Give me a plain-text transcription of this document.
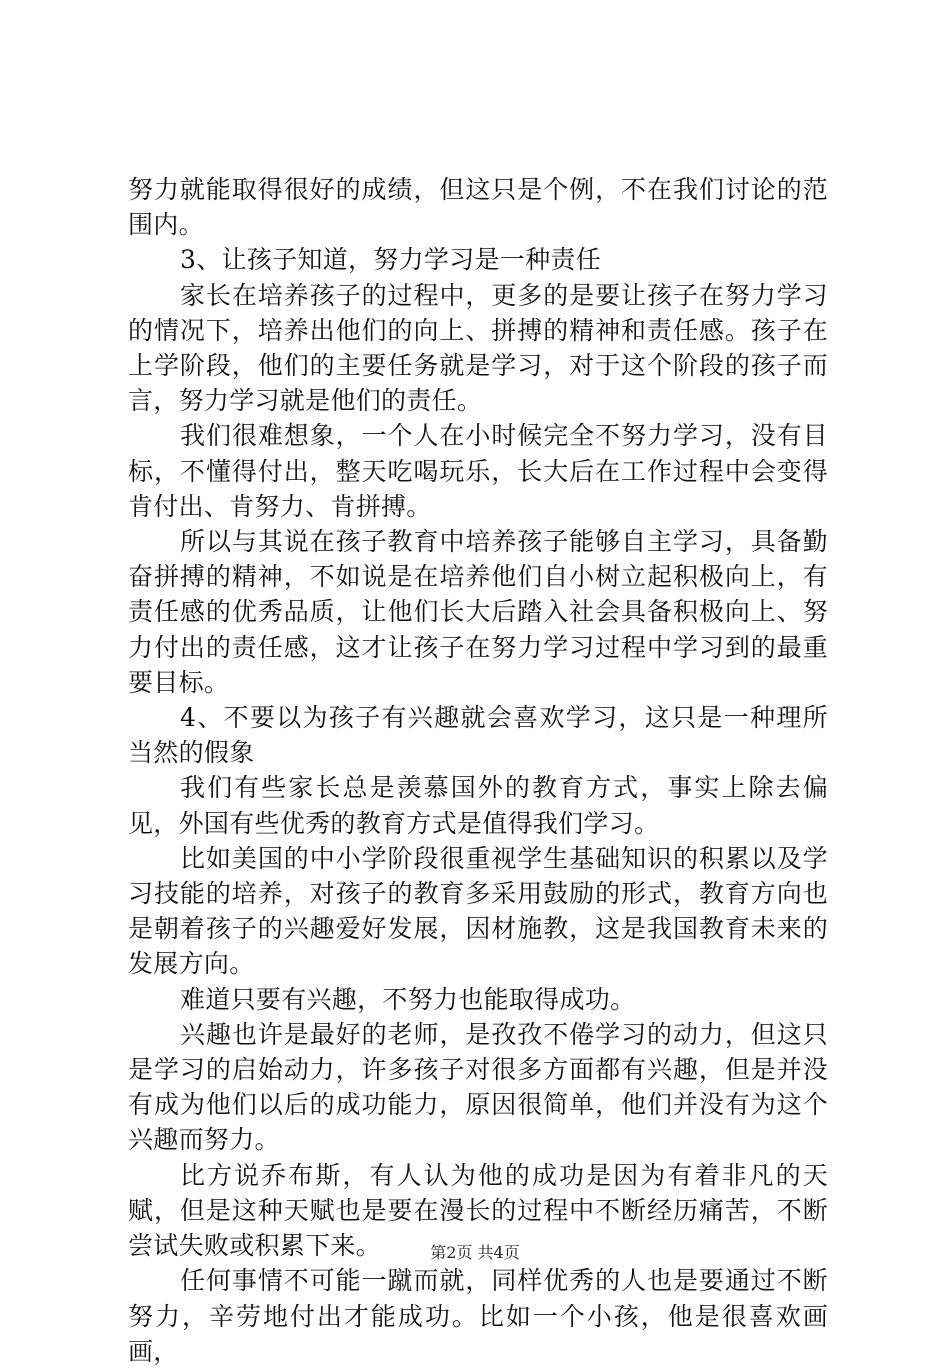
努力就能取得很好的成绩，但这只是个例，不在我们讨论的范围内。

3、让孩子知道，努力学习是一种责任

家长在培养孩子的过程中，更多的是要让孩子在努力学习的情况下，培养出他们的向上、拼搏的精神和责任感。孩子在上学阶段，他们的主要任务就是学习，对于这个阶段的孩子而言，努力学习就是他们的责任。

我们很难想象，一个人在小时候完全不努力学习，没有目标，不懂得付出，整天吃喝玩乐，长大后在工作过程中会变得肯付出、肯努力、肯拼搏。

所以与其说在孩子教育中培养孩子能够自主学习，具备勤奋拼搏的精神，不如说是在培养他们自小树立起积极向上，有责任感的优秀品质，让他们长大后踏入社会具备积极向上、努力付出的责任感，这才让孩子在努力学习过程中学习到的最重要目标。

4、不要以为孩子有兴趣就会喜欢学习，这只是一种理所当然的假象

我们有些家长总是羡慕国外的教育方式，事实上除去偏见，外国有些优秀的教育方式是值得我们学习。

比如美国的中小学阶段很重视学生基础知识的积累以及学习技能的培养，对孩子的教育多采用鼓励的形式，教育方向也是朝着孩子的兴趣爱好发展，因材施教，这是我国教育未来的发展方向。

难道只要有兴趣，不努力也能取得成功。

兴趣也许是最好的老师，是孜孜不倦学习的动力，但这只是学习的启始动力，许多孩子对很多方面都有兴趣，但是并没有成为他们以后的成功能力，原因很简单，他们并没有为这个兴趣而努力。

比方说乔布斯，有人认为他的成功是因为有着非凡的天赋，但是这种天赋也是要在漫长的过程中不断经历痛苦，不断尝试失败或积累下来。

任何事情不可能一蹴而就，同样优秀的人也是要通过不断努力，辛劳地付出才能成功。比如一个小孩，他是很喜欢画画，

第2页 共4页
